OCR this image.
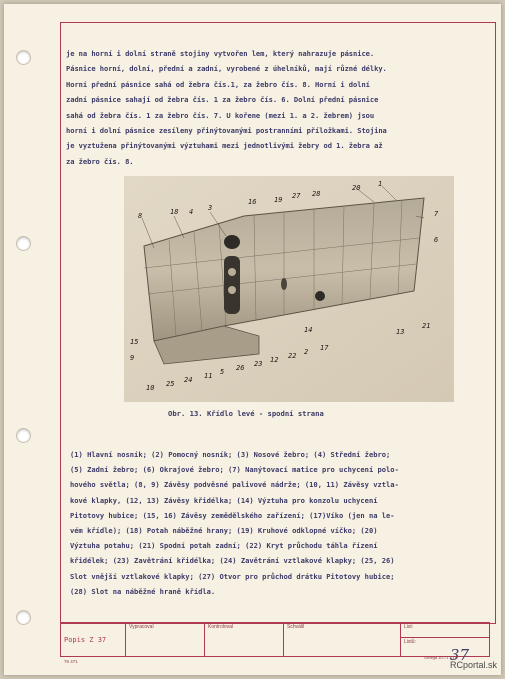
je na horní i dolní straně stojiny vytvořen lem, který nahrazuje pásnice.
Pásnice horní, dolní, přední a zadní, vyrobené z úhelníků, mají různé délky.
Horní přední pásnice sahá od žebra čís.1, za žebro čís. 8. Horní i dolní
zadní pásnice sahají od žebra čís. 1 za žebro čís. 6. Dolní přední pásnice
sahá od žebra čís. 1 za žebro čís. 7. U kořene (mezi 1. a 2. žebrem) jsou
horní i dolní pásnice zesíleny přinýtovanými postranními příložkami. Stojina
je vyztužena přinýtovanými výztuhami mezi jednotlivými žebry od 1. žebra až
za žebro čís. 8.
8	18 4 3
16	19 27 28
20	1
7
6
21
13
15
9
10 25 24 11 5 26 23 12 22 2 17
14
Obr. 13. Křídlo levé - spodní strana
(1) Hlavní nosník; (2) Pomocný nosník; (3) Nosové žebro; (4) Střední žebro;
(5) Zadní žebro; (6) Okrajové žebro; (7) Nanýtovací matice pro uchycení polo-
hového světla; (8, 9) Závěsy podvěsné palivové nádrže; (10, 11) Závěsy vztla-
kové klapky, (12, 13) Závěsy křidélka; (14) Výztuha pro konzolu uchycení
Pitotovy hubice; (15, 16) Závěsy zemědělského zařízení; (17)Víko (jen na le-
vém křídle); (18) Potah náběžné hrany; (19) Kruhové odklopné víčko; (20)
Výztuha potahu; (21) Spodní potah zadní; (22) Kryt průchodu táhla řízení
křidélek; (23) Zavětrání křidélka; (24) Zavětrání vztlakové klapky; (25, 26)
Slot vnější vztlakové klapky; (27) Otvor pro průchod drátku Pitotovy hubice;
(28) Slot na náběžné hraně křídla.
Popis Z 37	Vypracoval	Kontroloval	Schválil	List:
Listů:
37
76 471
Omega 10.71 – 10
RCportal.sk
